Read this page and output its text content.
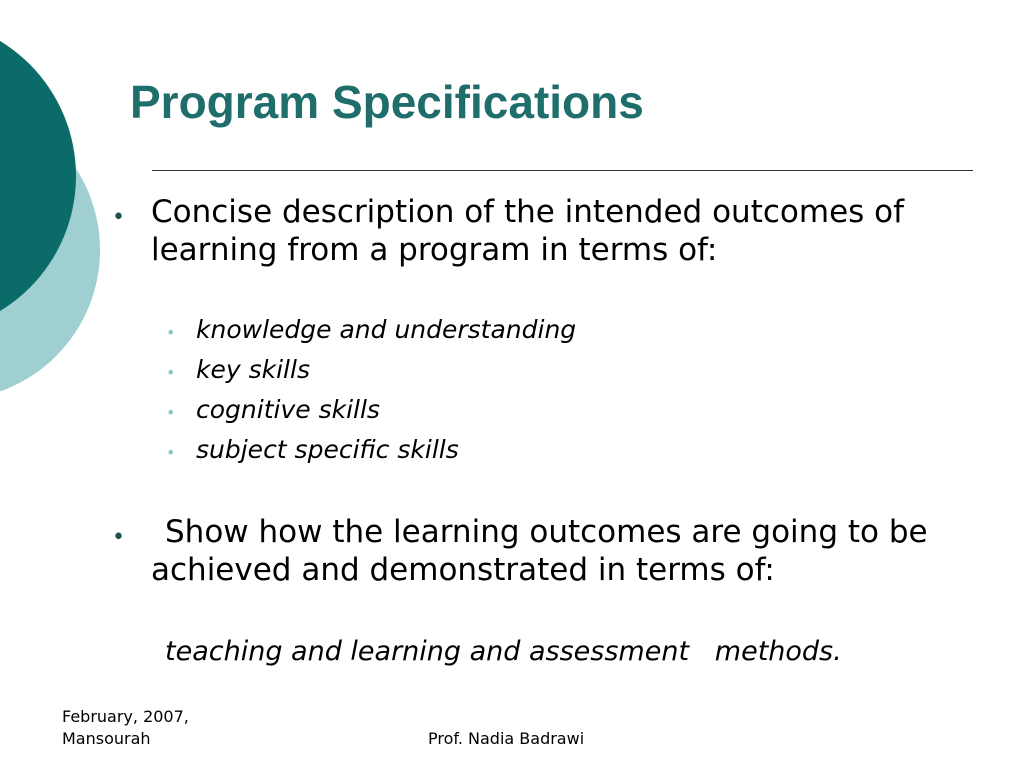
Program Specifications
• Concise description of the intended outcomes of learning from a program in terms of:

• knowledge and understanding

• key skills

• cognitive skills

• subject specific skills

•	Show how the learning outcomes are going to be achieved and demonstrated in terms of:

teaching and learning and assessment   methods.

February, 2007,
Mansourah	Prof. Nadia Badrawi
